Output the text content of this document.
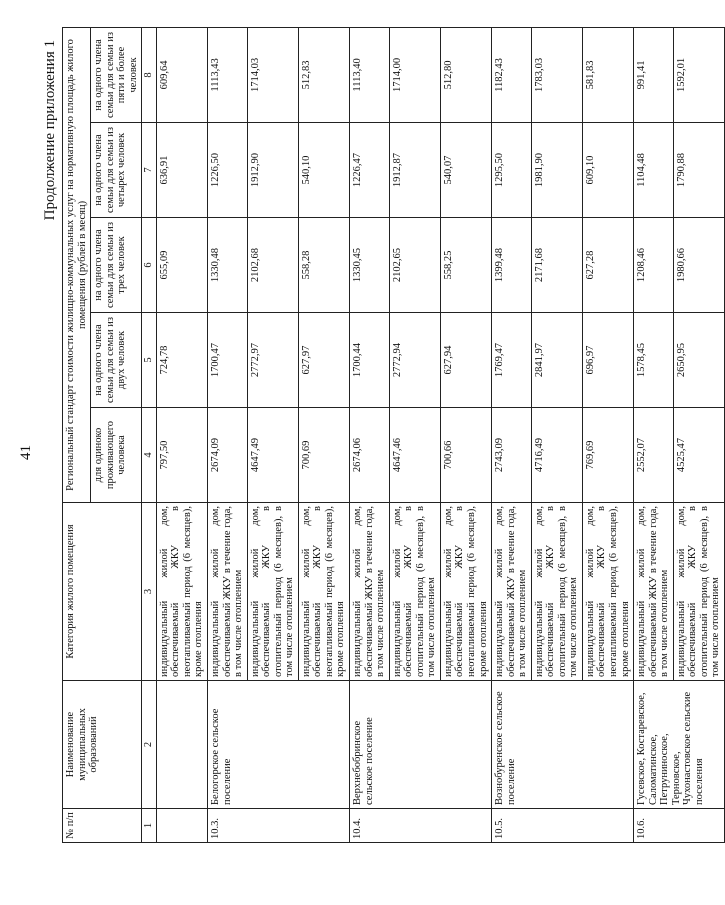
41
Продолжение приложения 1
№ п/п	Наименование муниципальных образований	Категория жилого помещения	Региональный стандарт стоимости жилищно-коммунальных услуг на нормативную площадь жилого помещения (рублей в месяц)				
			для одиноко проживающего человека	на одного члена семьи для семьи из двух человек	на одного члена семьи для семьи из трех человек	на одного члена семьи для семьи из четырех человек	на одного члена семьи для семьи из пяти и более человек
1	2	3	4	5	6	7	8
		индивидуальный жилой дом, обеспечиваемый ЖКУ в неотапливаемый период (6 месяцев), кроме отопления	797,50	724,78	655,09	636,91	609,64
10.3.	Белогорское сельское поселение	индивидуальный жилой дом, обеспечиваемый ЖКУ в течение года, в том числе отоплением	2674,09	1700,47	1330,48	1226,50	1113,43
		индивидуальный жилой дом, обеспечиваемый ЖКУ в отопительный период (6 месяцев), в том числе отоплением	4647,49	2772,97	2102,68	1912,90	1714,03
		индивидуальный жилой дом, обеспечиваемый ЖКУ в неотапливаемый период (6 месяцев), кроме отопления	700,69	627,97	558,28	540,10	512,83
10.4.	Верхнебобринское сельское поселение	индивидуальный жилой дом, обеспечиваемый ЖКУ в течение года, в том числе отоплением	2674,06	1700,44	1330,45	1226,47	1113,40
		индивидуальный жилой дом, обеспечиваемый ЖКУ в отопительный период (6 месяцев), в том числе отоплением	4647,46	2772,94	2102,65	1912,87	1714,00
		индивидуальный жилой дом, обеспечиваемый ЖКУ в неотапливаемый период (6 месяцев), кроме отопления	700,66	627,94	558,25	540,07	512,80
10.5.	Вознобуренское сельское поселение	индивидуальный жилой дом, обеспечиваемый ЖКУ в течение года, в том числе отоплением	2743,09	1769,47	1399,48	1295,50	1182,43
		индивидуальный жилой дом, обеспечиваемый ЖКУ в отопительный период (6 месяцев), в том числе отоплением	4716,49	2841,97	2171,68	1981,90	1783,03
		индивидуальный жилой дом, обеспечиваемый ЖКУ в неотапливаемый период (6 месяцев), кроме отопления	769,69	696,97	627,28	609,10	581,83
10.6.	Гусевское, Костаревское, Саломатинское, Петруниноское, Терновское, Чухонастовское сельские поселения	индивидуальный жилой дом, обеспечиваемый ЖКУ в течение года, в том числе отоплением	2552,07	1578,45	1208,46	1104,48	991,41
		индивидуальный жилой дом, обеспечиваемый ЖКУ в отопительный период (6 месяцев), в том числе отоплением	4525,47	2650,95	1980,66	1790,88	1592,01
